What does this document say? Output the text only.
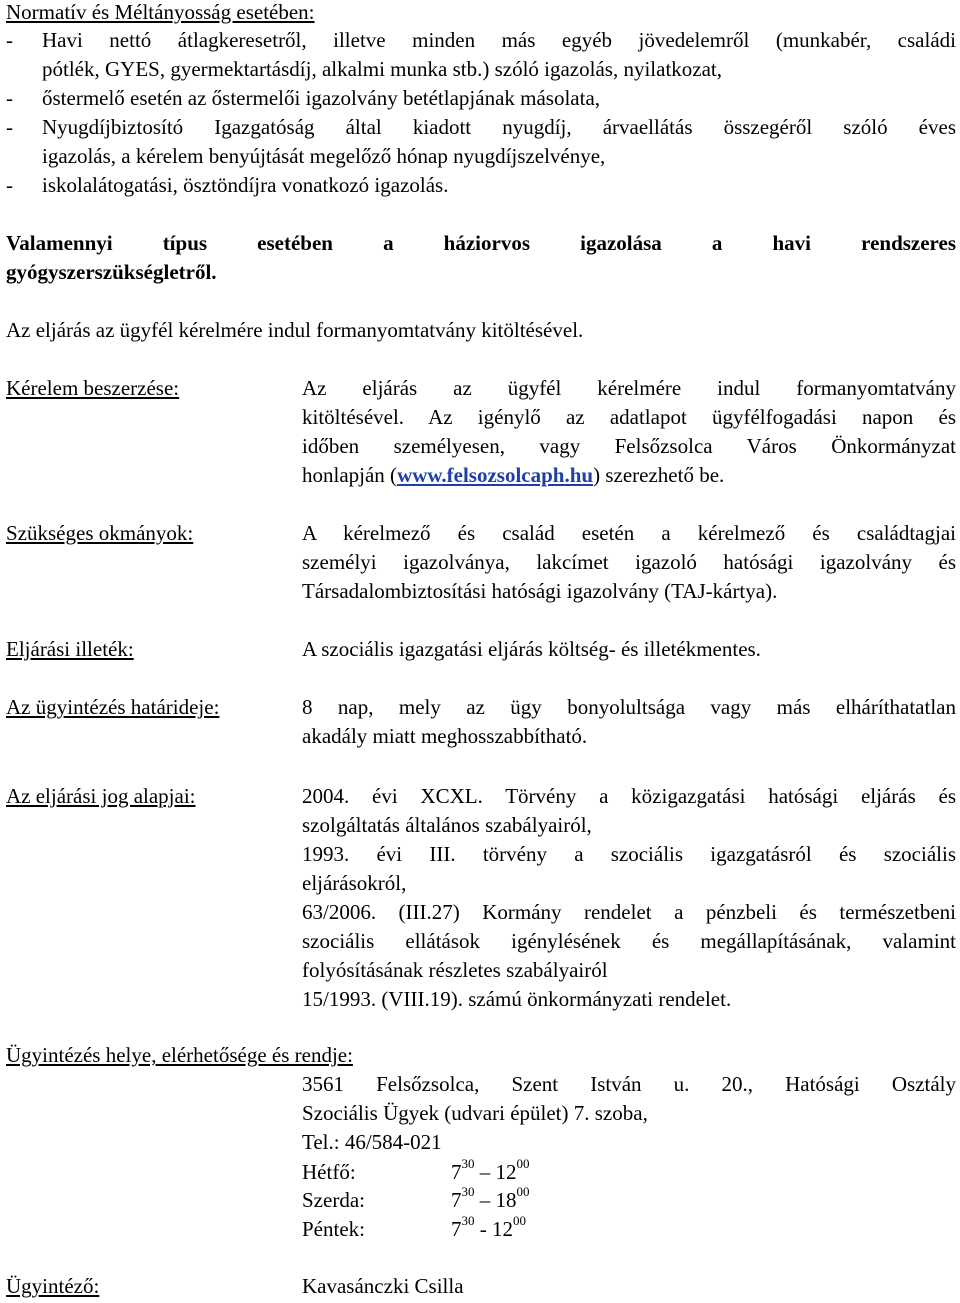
Normatív és Méltányosság esetében:
- Havi nettó átlagkeresetről, illetve minden más egyéb jövedelemről (munkabér, családi
pótlék, GYES, gyermektartásdíj, alkalmi munka stb.) szóló igazolás, nyilatkozat,
- őstermelő esetén az őstermelői igazolvány betétlapjának másolata,
- Nyugdíjbiztosító Igazgatóság által kiadott nyugdíj, árvaellátás összegéről szóló éves
igazolás, a kérelem benyújtását megelőző hónap nyugdíjszelvénye,
- iskolalátogatási, ösztöndíjra vonatkozó igazolás.
Valamennyi típus esetében a háziorvos igazolása a havi rendszeres
gyógyszerszükségletről.
Az eljárás az ügyfél kérelmére indul formanyomtatvány kitöltésével.
Kérelem beszerzése:	Az eljárás az ügyfél kérelmére indul formanyomtatvány
kitöltésével. Az igénylő az adatlapot ügyfélfogadási napon és
időben személyesen, vagy Felsőzsolca Város Önkormányzat
honlapján (www.felsozsolcaph.hu) szerezhető be.
Szükséges okmányok:	A kérelmező és család esetén a kérelmező és családtagjai
személyi igazolványa, lakcímet igazoló hatósági igazolvány és
Társadalombiztosítási hatósági igazolvány (TAJ-kártya).
Eljárási illeték:	A szociális igazgatási eljárás költség- és illetékmentes.
Az ügyintézés határideje:	8 nap, mely az ügy bonyolultsága vagy más elháríthatatlan
akadály miatt meghosszabbítható.
Az eljárási jog alapjai:	2004. évi XCXL. Törvény a közigazgatási hatósági eljárás és
szolgáltatás általános szabályairól,
1993. évi III. törvény a szociális igazgatásról és szociális
eljárásokról,
63/2006. (III.27) Kormány rendelet a pénzbeli és természetbeni
szociális ellátások igénylésének és megállapításának, valamint
folyósításának részletes szabályairól
15/1993. (VIII.19). számú önkormányzati rendelet.
Ügyintézés helye, elérhetősége és rendje:
3561 Felsőzsolca, Szent István u. 20., Hatósági Osztály
Szociális Ügyek (udvari épület) 7. szoba,
Tel.: 46/584-021
Hétfő:	$7^{30} - 12^{00}$
Szerda:	$7^{30} - 18^{00}$
Péntek:	$7^{30} - 12^{00}$
Ügyintéző:	Kavasánczki Csilla
